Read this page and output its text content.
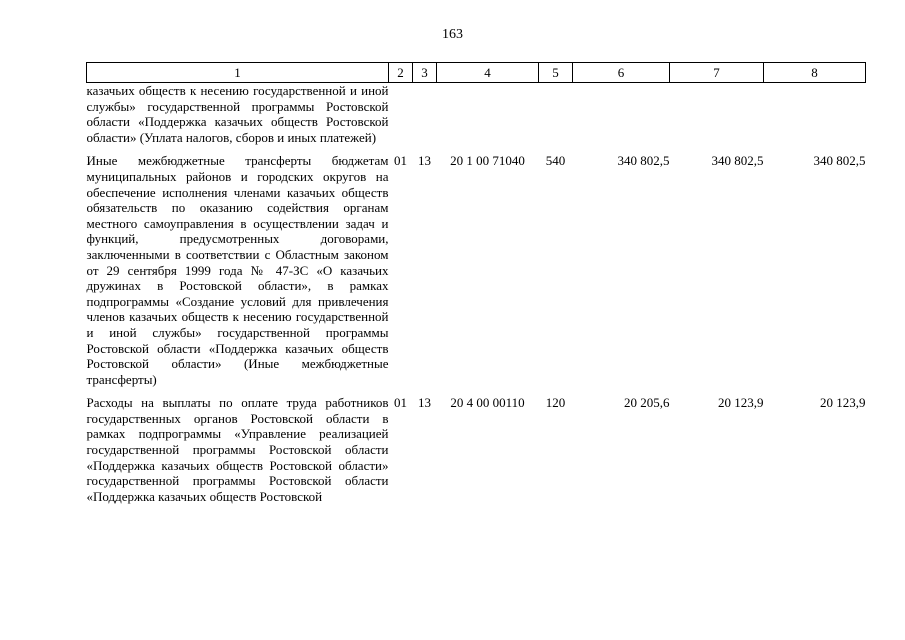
163
1	2	3	4	5	6	7	8
казачьих обществ к несению государственной и иной службы» государственной программы Ростовской области «Поддержка казачьих обществ Ростовской области» (Уплата налогов, сборов и иных платежей)							

Иные межбюджетные трансферты бюджетам муниципальных районов и городских округов на обеспечение исполнения членами казачьих обществ обязательств по оказанию содействия органам местного самоуправления в осуществлении задач и функций, предусмотренных договорами, заключенными в соответствии с Областным законом от 29 сентября 1999 года № 47-ЗС «О казачьих дружинах в Ростовской области», в рамках подпрограммы «Создание условий для привлечения членов казачьих обществ к несению государственной и иной службы» государственной программы Ростовской области «Поддержка казачьих обществ Ростовской области» (Иные межбюджетные трансферты)	01	13	20 1 00 71040	540	340 802,5	340 802,5	340 802,5

Расходы на выплаты по оплате труда работников государственных органов Ростовской области в рамках подпрограммы «Управление реализацией государственной программы Ростовской области «Поддержка казачьих обществ Ростовской области» государственной программы Ростовской области «Поддержка казачьих обществ Ростовской	01	13	20 4 00 00110	120	20 205,6	20 123,9	20 123,9
